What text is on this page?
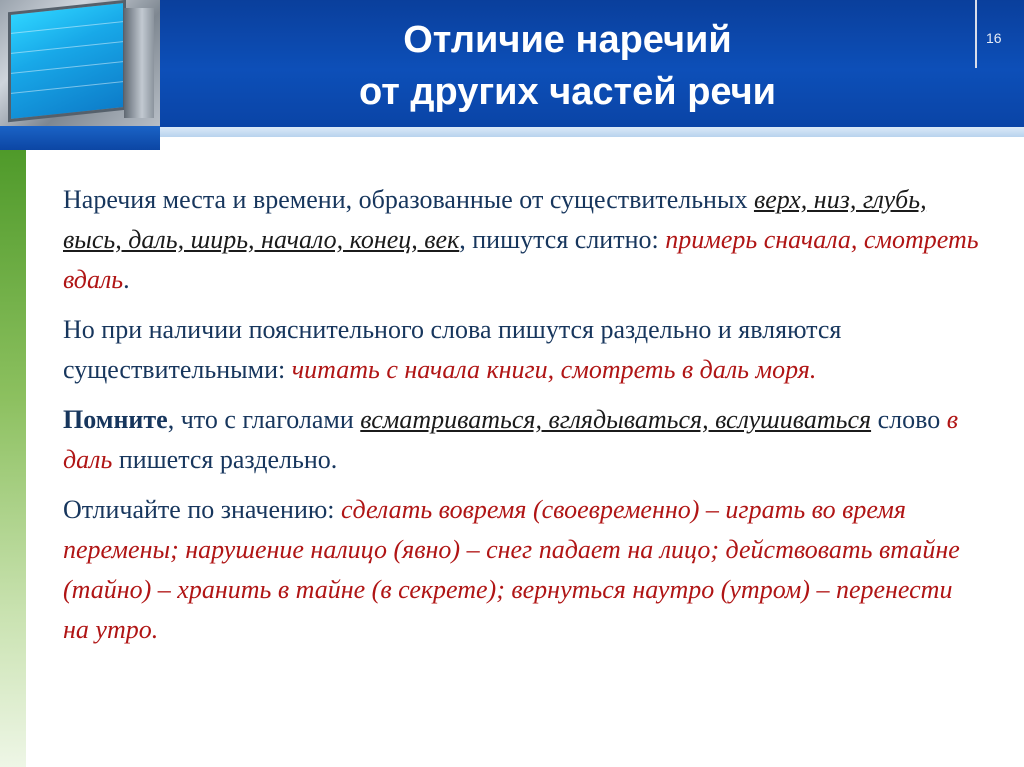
16
Отличие наречий
от других частей речи

Наречия места и времени, образованные от существительных верх, низ, глубь, высь, даль, ширь, начало, конец, век, пишутся слитно: примерь сначала, смотреть вдаль.

Но при наличии пояснительного слова пишутся раздельно и являются существительными: читать с начала книги, смотреть в даль моря.

Помните, что с глаголами всматриваться, вглядываться, вслушиваться слово в даль пишется раздельно.

Отличайте по значению: сделать вовремя (своевременно) – играть во время перемены; нарушение налицо (явно) – снег падает на лицо; действовать втайне (тайно) – хранить в тайне (в секрете); вернуться наутро (утром) – перенести на утро.
